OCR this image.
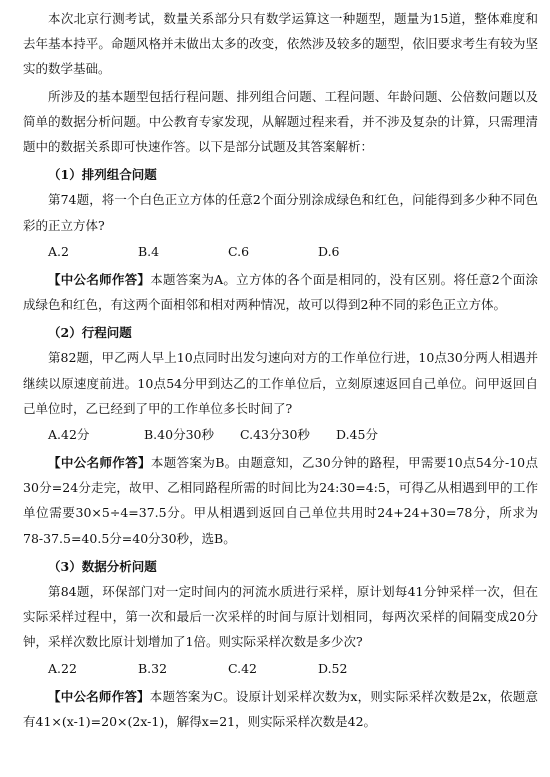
本次北京行测考试，数量关系部分只有数学运算这一种题型，题量为15道，整体难度和去年基本持平。命题风格并未做出太多的改变，依然涉及较多的题型，依旧要求考生有较为坚实的数学基础。

所涉及的基本题型包括行程问题、排列组合问题、工程问题、年龄问题、公倍数问题以及简单的数据分析问题。中公教育专家发现，从解题过程来看，并不涉及复杂的计算，只需理清题中的数据关系即可快速作答。以下是部分试题及其答案解析：

（1）排列组合问题

第74题，将一个白色正立方体的任意2个面分别涂成绿色和红色，问能得到多少种不同色彩的正立方体?

A.2	B.4	C.6	D.6

【中公名师作答】本题答案为A。立方体的各个面是相同的，没有区别。将任意2个面涂成绿色和红色，有这两个面相邻和相对两种情况，故可以得到2种不同的彩色正立方体。

（2）行程问题

第82题，甲乙两人早上10点同时出发匀速向对方的工作单位行进，10点30分两人相遇并继续以原速度前进。10点54分甲到达乙的工作单位后，立刻原速返回自己单位。问甲返回自己单位时，乙已经到了甲的工作单位多长时间了?

A.42分	B.40分30秒	C.43分30秒	D.45分

【中公名师作答】本题答案为B。由题意知，乙30分钟的路程，甲需要10点54分-10点30分=24分走完，故甲、乙相同路程所需的时间比为24:30=4:5，可得乙从相遇到甲的工作单位需要30×5÷4=37.5分。甲从相遇到返回自己单位共用时24+24+30=78分，所求为78-37.5=40.5分=40分30秒，选B。

（3）数据分析问题

第84题，环保部门对一定时间内的河流水质进行采样，原计划每41分钟采样一次，但在实际采样过程中，第一次和最后一次采样的时间与原计划相同，每两次采样的间隔变成20分钟，采样次数比原计划增加了1倍。则实际采样次数是多少次?

A.22	B.32	C.42	D.52

【中公名师作答】本题答案为C。设原计划采样次数为x，则实际采样次数是2x，依题意有41×(x-1)=20×(2x-1)，解得x=21，则实际采样次数是42。
